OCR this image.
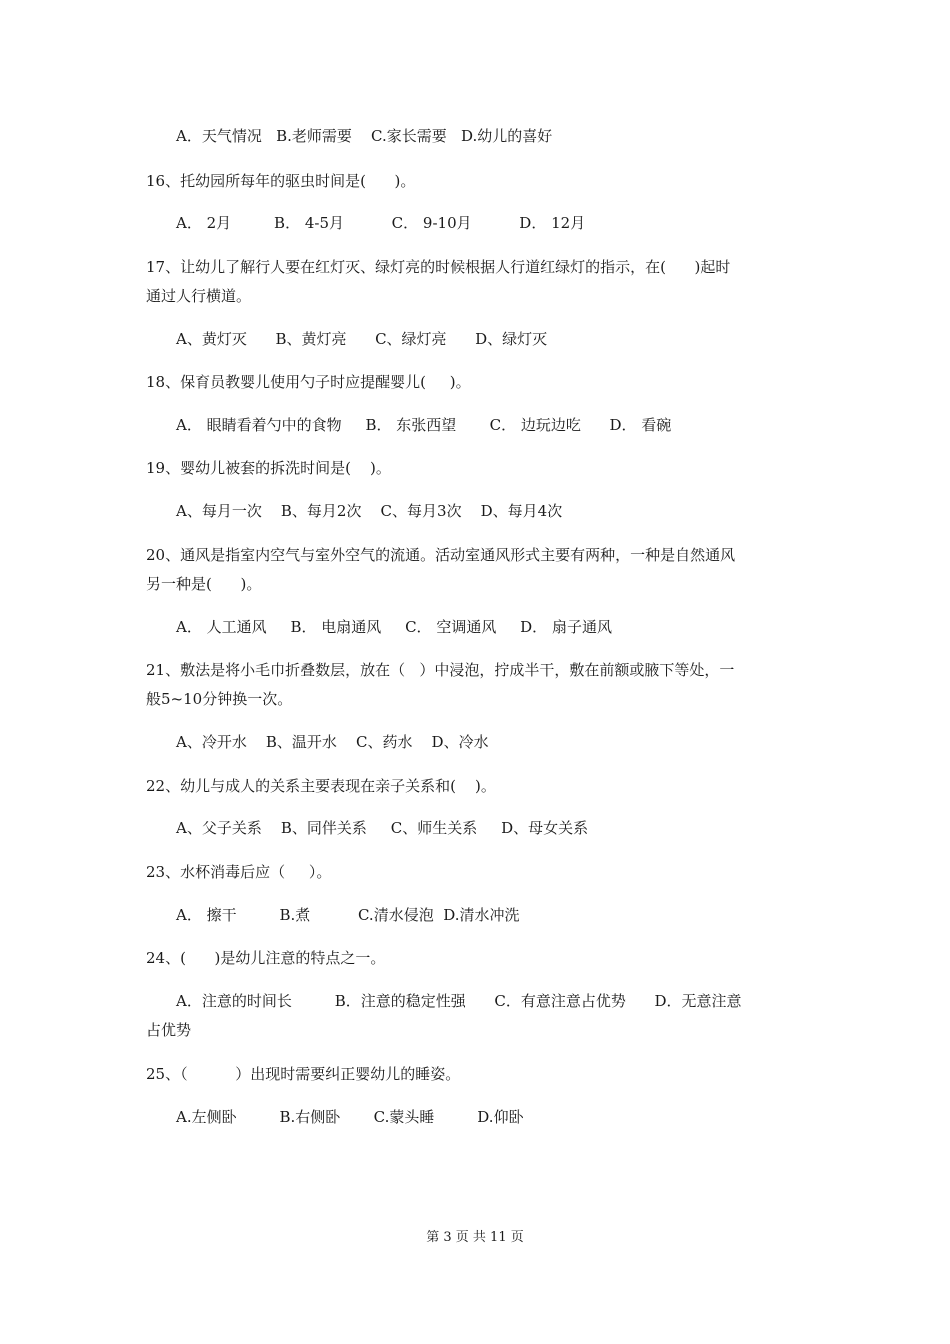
A．天气情况   B.老师需要    C.家长需要   D.幼儿的喜好

16、托幼园所每年的驱虫时间是(      )。

A． 2月         B． 4-5月          C． 9-10月          D． 12月

17、让幼儿了解行人要在红灯灭、绿灯亮的时候根据人行道红绿灯的指示，在(      )起时

通过人行横道。

A、黄灯灭      B、黄灯亮      C、绿灯亮      D、绿灯灭

18、保育员教婴儿使用勺子时应提醒婴儿(     )。

A． 眼睛看着勺中的食物     B． 东张西望       C． 边玩边吃      D． 看碗

19、婴幼儿被套的拆洗时间是(    )。

A、每月一次    B、每月2次    C、每月3次    D、每月4次

20、通风是指室内空气与室外空气的流通。活动室通风形式主要有两种，一种是自然通风

另一种是(      )。

A． 人工通风     B． 电扇通风     C． 空调通风     D． 扇子通风

21、敷法是将小毛巾折叠数层，放在（   ）中浸泡，拧成半干，敷在前额或腋下等处，一

般5~10分钟换一次。

A、冷开水    B、温开水    C、药水    D、冷水

22、幼儿与成人的关系主要表现在亲子关系和(    )。

A、父子关系    B、同伴关系     C、师生关系     D、母女关系

23、水杯消毒后应（     ）。

A． 擦干         B.煮          C.清水侵泡  D.清水冲洗

24、(      )是幼儿注意的特点之一。

A．注意的时间长         B．注意的稳定性强      C．有意注意占优势      D．无意注意

占优势

25、（          ）出现时需要纠正婴幼儿的睡姿。

A.左侧卧         B.右侧卧       C.蒙头睡         D.仰卧

第 3 页 共 11 页
